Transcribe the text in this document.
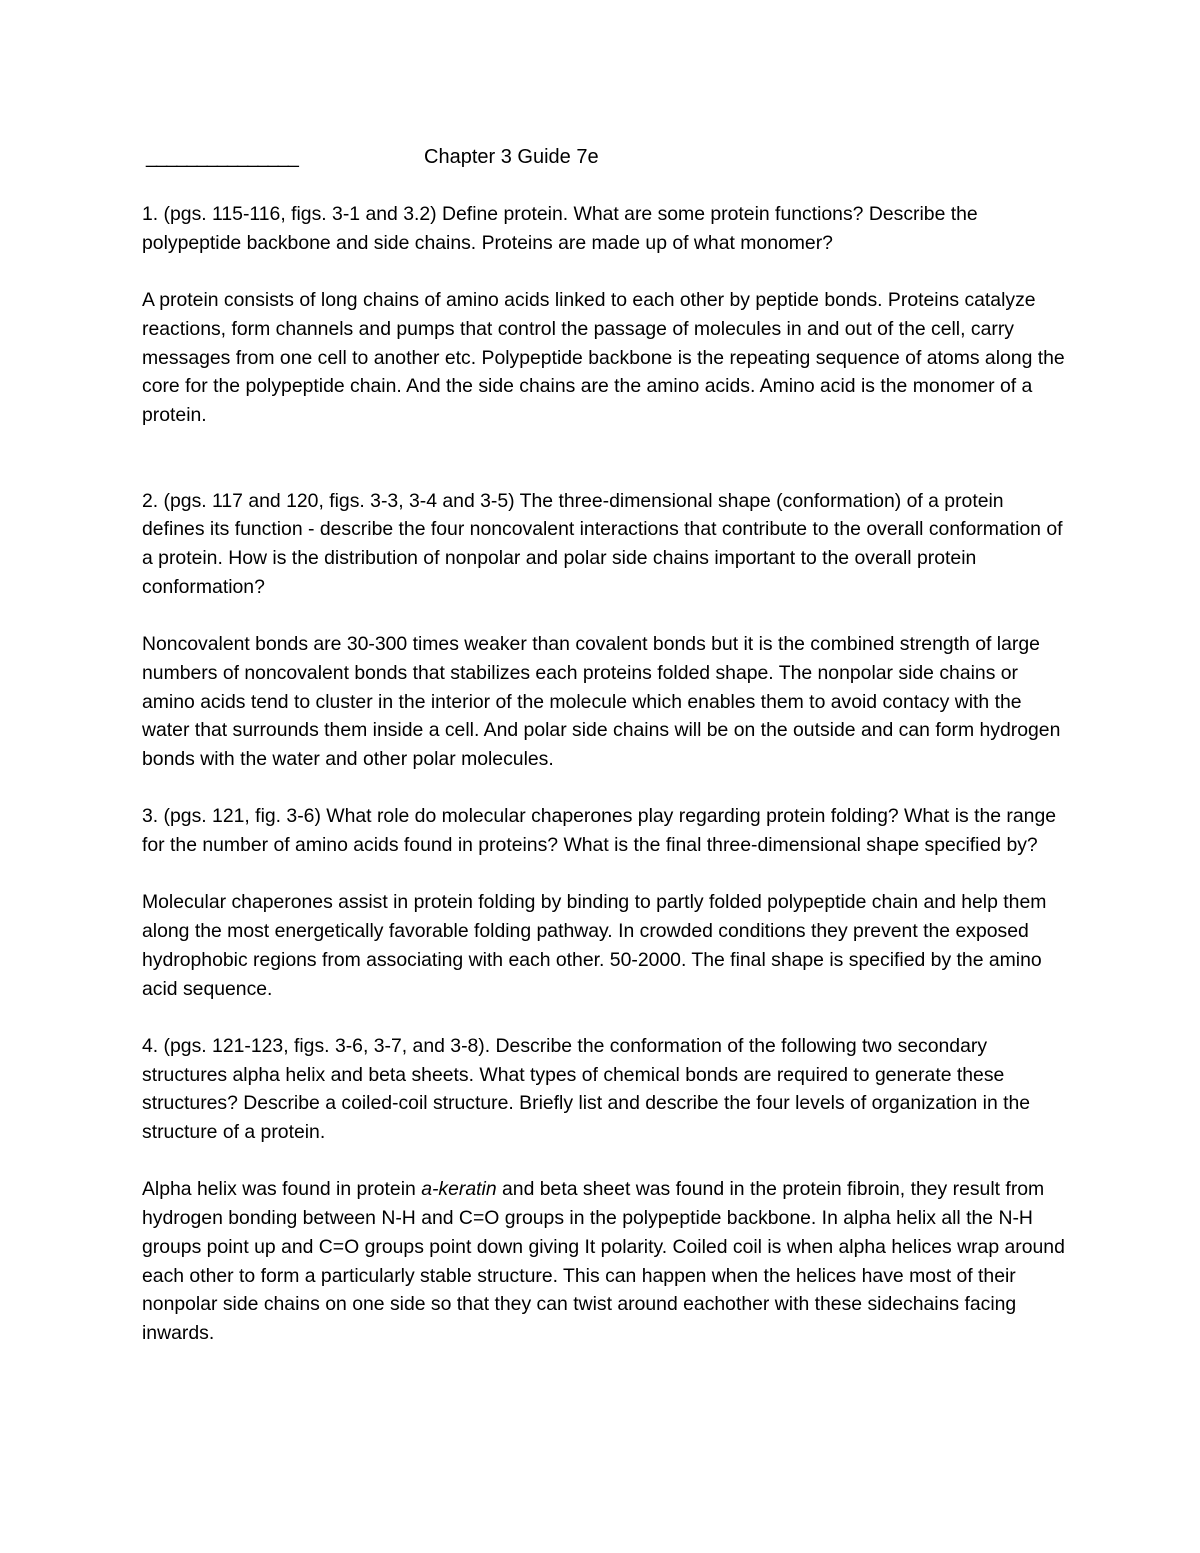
_______________	Chapter 3 Guide 7e

1. (pgs. 115-116, figs. 3-1 and 3.2) Define protein. What are some protein functions? Describe the polypeptide backbone and side chains. Proteins are made up of what monomer?

A protein consists of long chains of amino acids linked to each other by peptide bonds. Proteins catalyze reactions, form channels and pumps that control the passage of molecules in and out of the cell, carry messages from one cell to another etc. Polypeptide backbone is the repeating sequence of atoms along the core for the polypeptide chain. And the side chains are the amino acids. Amino acid is the monomer of a protein.

2. (pgs. 117 and 120, figs. 3-3, 3-4 and 3-5) The three-dimensional shape (conformation) of a protein defines its function - describe the four noncovalent interactions that contribute to the overall conformation of a protein. How is the distribution of nonpolar and polar side chains important to the overall protein conformation?

Noncovalent bonds are 30-300 times weaker than covalent bonds but it is the combined strength of large numbers of noncovalent bonds that stabilizes each proteins folded shape. The nonpolar side chains or amino acids tend to cluster in the interior of the molecule which enables them to avoid contacy with the water that surrounds them inside a cell. And polar side chains will be on the outside and can form hydrogen bonds with the water and other polar molecules.

3. (pgs. 121, fig. 3-6) What role do molecular chaperones play regarding protein folding? What is the range for the number of amino acids found in proteins? What is the final three-dimensional shape specified by?

Molecular chaperones assist in protein folding by binding to partly folded polypeptide chain and help them along the most energetically favorable folding pathway. In crowded conditions they prevent the exposed hydrophobic regions from associating with each other. 50-2000. The final shape is specified by the amino acid sequence.

4. (pgs. 121-123, figs. 3-6, 3-7, and 3-8). Describe the conformation of the following two secondary structures alpha helix and beta sheets. What types of chemical bonds are required to generate these structures? Describe a coiled-coil structure. Briefly list and describe the four levels of organization in the structure of a protein.

Alpha helix was found in protein a-keratin and beta sheet was found in the protein fibroin, they result from hydrogen bonding between N-H and C=O groups in the polypeptide backbone. In alpha helix all the N-H groups point up and C=O groups point down giving It polarity. Coiled coil is when alpha helices wrap around each other to form a particularly stable structure. This can happen when the helices have most of their nonpolar side chains on one side so that they can twist around eachother with these sidechains facing inwards.
